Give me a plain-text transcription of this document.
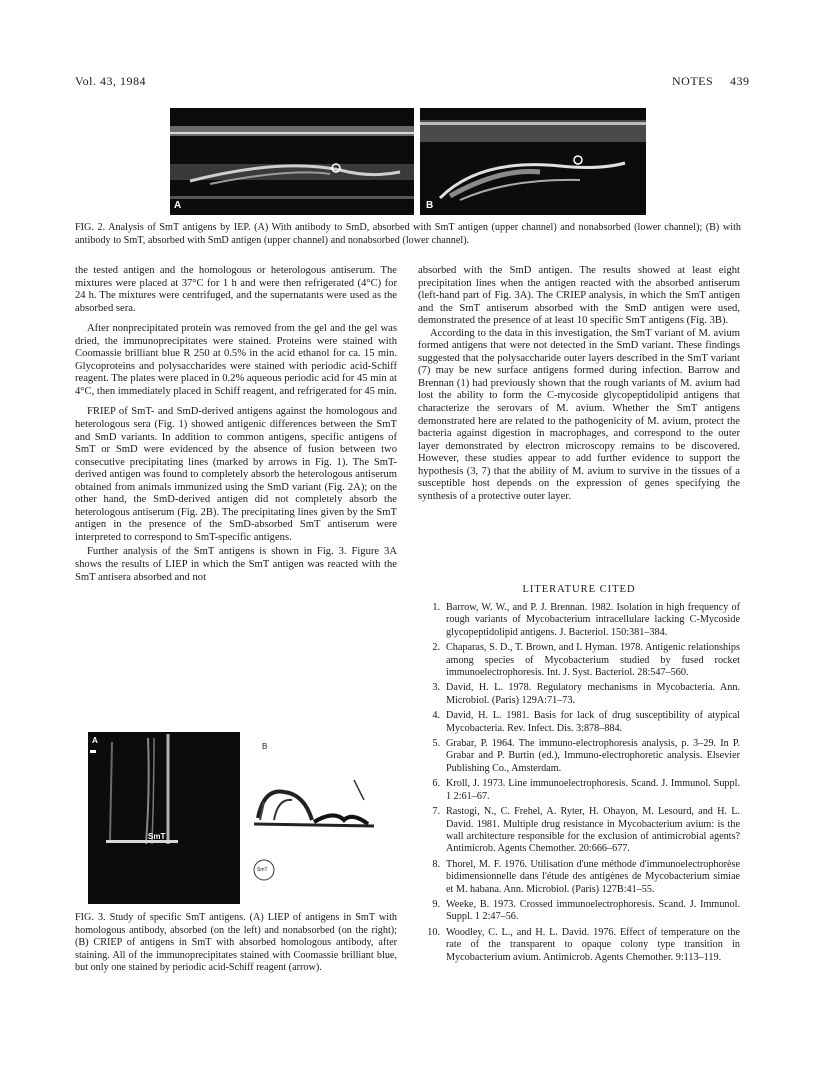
Vol. 43, 1984	NOTES 439
A	B
FIG. 2. Analysis of SmT antigens by IEP. (A) With antibody to SmD, absorbed with SmT antigen (upper channel) and nonabsorbed (lower channel); (B) with antibody to SmT, absorbed with SmD antigen (upper channel) and nonabsorbed (lower channel).

the tested antigen and the homologous or heterologous antiserum. The mixtures were placed at 37°C for 1 h and were then refrigerated (4°C) for 24 h. The mixtures were centrifuged, and the supernatants were used as the absorbed sera.

After nonprecipitated protein was removed from the gel and the gel was dried, the immunoprecipitates were stained. Proteins were stained with Coomassie brilliant blue R 250 at 0.5% in the acid ethanol for ca. 15 min. Glycoproteins and polysaccharides were stained with periodic acid-Schiff reagent. The plates were placed in 0.2% aqueous periodic acid for 45 min at 4°C, then immediately placed in Schiff reagent, and refrigerated for 45 min.

FRIEP of SmT- and SmD-derived antigens against the homologous and heterologous sera (Fig. 1) showed antigenic differences between the SmT and SmD variants. In addition to common antigens, specific antigens of SmT or SmD were evidenced by the absence of fusion between two consecutive precipitating lines (marked by arrows in Fig. 1). The SmT-derived antigen was found to completely absorb the heterologous antiserum obtained from animals immunized using the SmD variant (Fig. 2A); on the other hand, the SmD-derived antigen did not completely absorb the heterologous antiserum (Fig. 2B). The precipitating lines given by the SmT antigen in the presence of the SmD-absorbed SmT antiserum were interpreted to correspond to SmT-specific antigens.

Further analysis of the SmT antigens is shown in Fig. 3. Figure 3A shows the results of LIEP in which the SmT antigen was reacted with the SmT antisera absorbed and not

A
SmT
B
SmT
FIG. 3. Study of specific SmT antigens. (A) LIEP of antigens in SmT with homologous antibody, absorbed (on the left) and nonabsorbed (on the right); (B) CRIEP of antigens in SmT with absorbed homologous antibody, after staining. All of the immunoprecipitates stained with Coomassie brilliant blue, but only one stained by periodic acid-Schiff reagent (arrow).

absorbed with the SmD antigen. The results showed at least eight precipitation lines when the antigen reacted with the absorbed antiserum (left-hand part of Fig. 3A). The CRIEP analysis, in which the SmT antigen and the SmT antiserum absorbed with the SmD antigen were used, demonstrated the presence of at least 10 specific SmT antigens (Fig. 3B).

According to the data in this investigation, the SmT variant of M. avium formed antigens that were not detected in the SmD variant. These findings suggested that the polysaccharide outer layers described in the SmT variant (7) may be new surface antigens formed during infection. Barrow and Brennan (1) had previously shown that the rough variants of M. avium had lost the ability to form the C-mycoside glycopeptidolipid antigens that characterize the serovars of M. avium. Whether the SmT antigens demonstrated here are related to the pathogenicity of M. avium, protect the bacteria against digestion in macrophages, and correspond to the outer layer demonstrated by electron microscopy remains to be discovered. However, these studies appear to add further evidence to support the hypothesis (3, 7) that the ability of M. avium to survive in the tissues of a susceptible host depends on the expression of genes specifying the synthesis of a protective outer layer.

LITERATURE CITED
1. Barrow, W. W., and P. J. Brennan. 1982. Isolation in high frequency of rough variants of Mycobacterium intracellulare lacking C-Mycoside glycopeptidolipid antigens. J. Bacteriol. 150:381–384.
2. Chaparas, S. D., T. Brown, and I. Hyman. 1978. Antigenic relationships among species of Mycobacterium studied by fused rocket immunoelectrophoresis. Int. J. Syst. Bacteriol. 28:547–560.
3. David, H. L. 1978. Regulatory mechanisms in Mycobacteria. Ann. Microbiol. (Paris) 129A:71–73.
4. David, H. L. 1981. Basis for lack of drug susceptibility of atypical Mycobacteria. Rev. Infect. Dis. 3:878–884.
5. Grabar, P. 1964. The immuno-electrophoresis analysis, p. 3–29. In P. Grabar and P. Burtin (ed.), Immuno-electrophoretic analysis. Elsevier Publishing Co., Amsterdam.
6. Kroll, J. 1973. Line immunoelectrophoresis. Scand. J. Immunol. Suppl. 1 2:61–67.
7. Rastogi, N., C. Frehel, A. Ryter, H. Ohayon, M. Lesourd, and H. L. David. 1981. Multiple drug resistance in Mycobacterium avium: is the wall architecture responsible for the exclusion of antimicrobial agents? Antimicrob. Agents Chemother. 20:666–677.
8. Thorel, M. F. 1976. Utilisation d'une méthode d'immunoelectrophorèse bidimensionnelle dans l'étude des antigènes de Mycobacterium simiae et M. habana. Ann. Microbiol. (Paris) 127B:41–55.
9. Weeke, B. 1973. Crossed immunoelectrophoresis. Scand. J. Immunol. Suppl. 1 2:47–56.
10. Woodley, C. L., and H. L. David. 1976. Effect of temperature on the rate of the transparent to opaque colony type transition in Mycobacterium avium. Antimicrob. Agents Chemother. 9:113–119.
